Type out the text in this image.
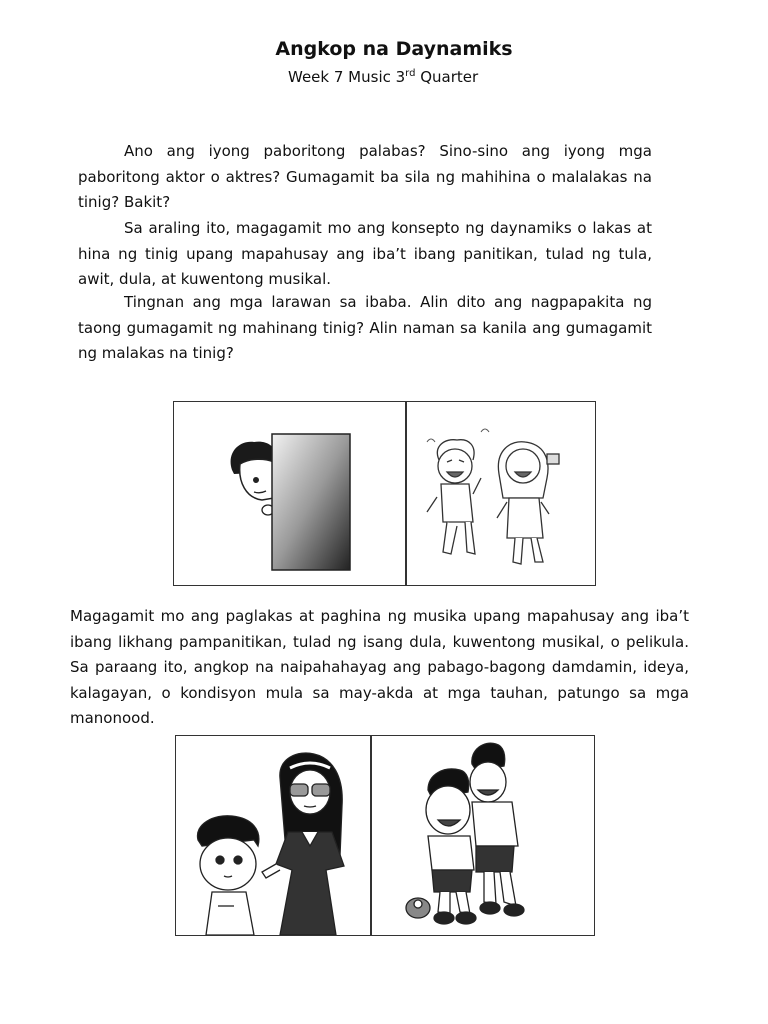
Angkop na Daynamiks
Week 7 Music 3rd Quarter

Ano ang iyong paboritong palabas? Sino-sino ang iyong mga paboritong aktor o aktres? Gumagamit ba sila ng mahihina o malalakas na tinig? Bakit?

Sa araling ito, magagamit mo ang konsepto ng daynamiks o lakas at hina ng tinig upang mapahusay ang iba’t ibang panitikan, tulad ng tula, awit, dula, at kuwentong musikal.

Tingnan ang mga larawan sa ibaba. Alin dito ang nagpapakita ng taong gumagamit ng mahinang tinig? Alin naman sa kanila ang gumagamit ng malakas na tinig?

Magagamit mo ang paglakas at paghina ng musika upang mapahusay ang iba’t ibang likhang pampanitikan, tulad ng isang dula, kuwentong musikal, o pelikula. Sa paraang ito, angkop na naipahahayag ang pabago-bagong damdamin, ideya, kalagayan, o kondisyon mula sa may-akda at mga tauhan, patungo sa mga manonood.
